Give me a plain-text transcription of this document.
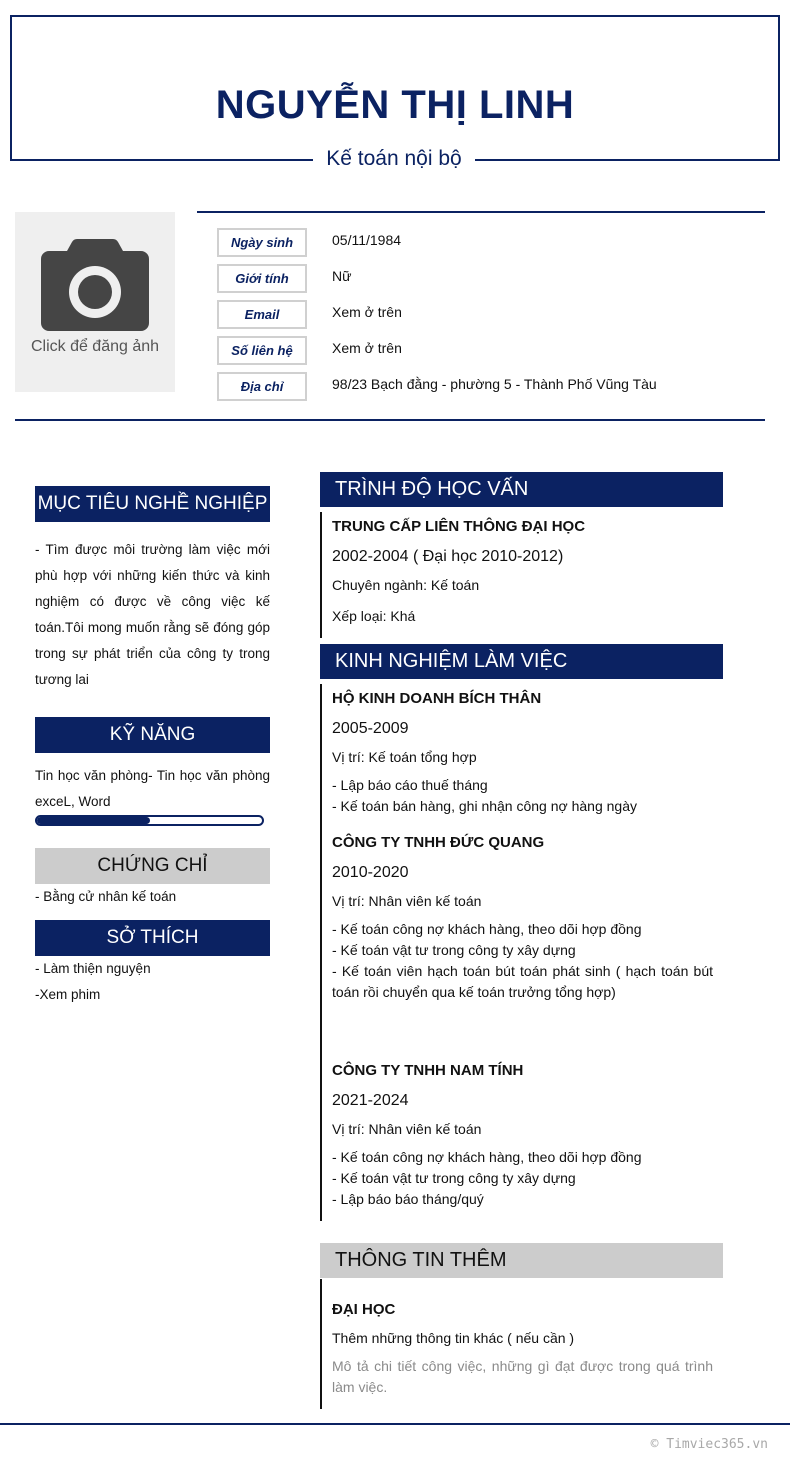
NGUYỄN THỊ LINH
Kế toán nội bộ
Click để đăng ảnh
Ngày sinh	05/11/1984
Giới tính	Nữ
Email	Xem ở trên
Số liên hệ	Xem ở trên
Địa chỉ	98/23 Bạch đằng - phường 5 - Thành Phố Vũng Tàu
MỤC TIÊU NGHỀ NGHIỆP
- Tìm được môi trường làm việc mới phù hợp với những kiến thức và kinh nghiệm có được về công việc kế toán.Tôi mong muốn rằng sẽ đóng góp trong sự phát triển của công ty trong tương lai
KỸ NĂNG
Tin học văn phòng- Tin học văn phòng exceL, Word
CHỨNG CHỈ
- Bằng cử nhân kế toán
SỞ THÍCH
- Làm thiện nguyện
-Xem phim
TRÌNH ĐỘ HỌC VẤN
TRUNG CẤP LIÊN THÔNG ĐẠI HỌC
2002-2004 ( Đại học 2010-2012)
Chuyên ngành: Kế toán
Xếp loại: Khá
KINH NGHIỆM LÀM VIỆC
HỘ KINH DOANH BÍCH THÂN
2005-2009
Vị trí: Kế toán tổng hợp
- Lập báo cáo thuế tháng
- Kế toán bán hàng, ghi nhận công nợ hàng ngày
CÔNG TY TNHH ĐỨC QUANG
2010-2020
Vị trí: Nhân viên kế toán
- Kế toán công nợ khách hàng, theo dõi hợp đồng
- Kế toán vật tư trong công ty xây dựng
- Kế toán viên hạch toán bút toán phát sinh ( hạch toán bút toán rồi chuyển qua kế toán trưởng tổng hợp)
CÔNG TY TNHH NAM TÍNH
2021-2024
Vị trí: Nhân viên kế toán
- Kế toán công nợ khách hàng, theo dõi hợp đồng
- Kế toán vật tư trong công ty xây dựng
- Lập báo báo tháng/quý
THÔNG TIN THÊM
ĐẠI HỌC
Thêm những thông tin khác ( nếu cần )
Mô tả chi tiết công việc, những gì đạt được trong quá trình làm việc.
© Timviec365.vn
